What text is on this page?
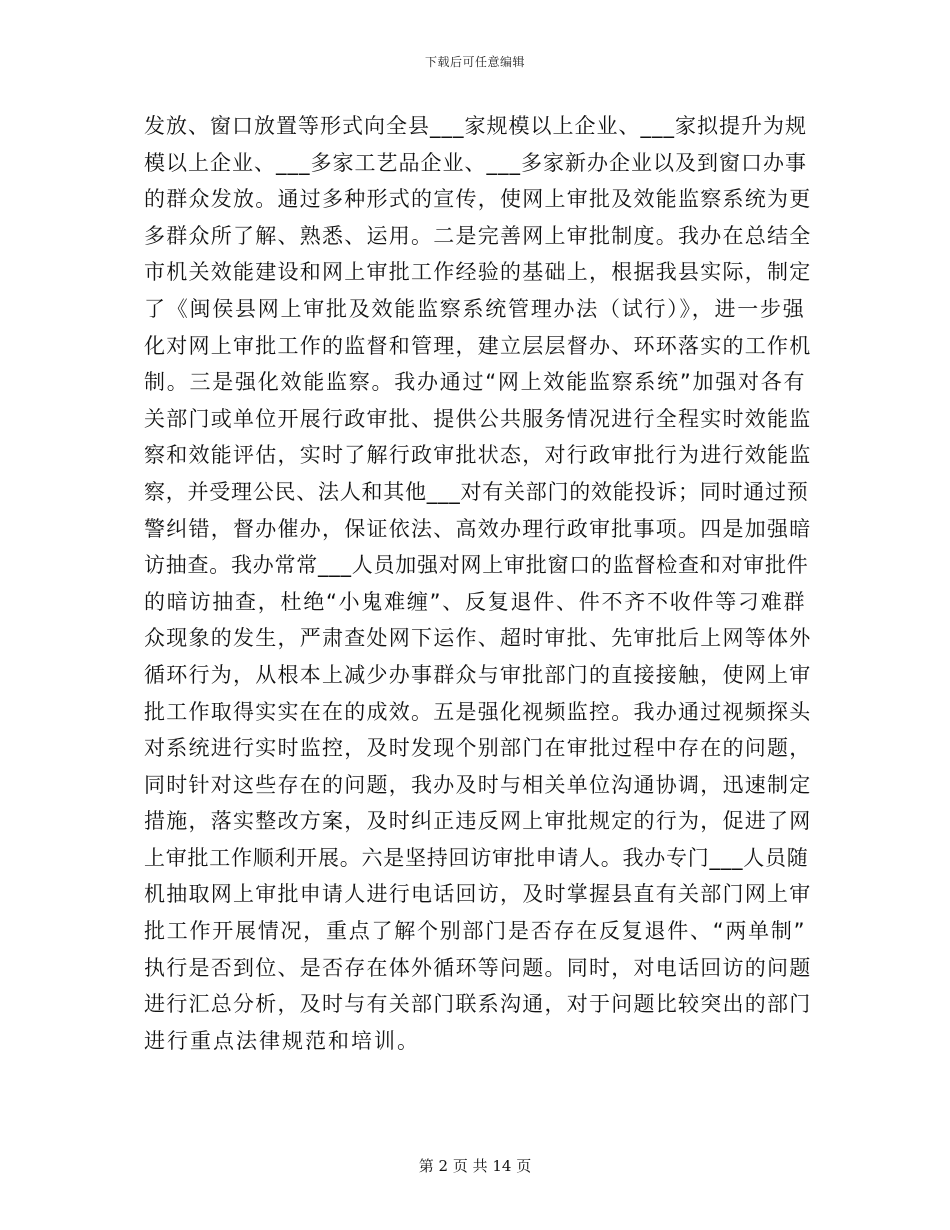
下载后可任意编辑
发放、窗口放置等形式向全县___家规模以上企业、___家拟提升为规
模以上企业、___多家工艺品企业、___多家新办企业以及到窗口办事
的群众发放。通过多种形式的宣传，使网上审批及效能监察系统为更
多群众所了解、熟悉、运用。二是完善网上审批制度。我办在总结全
市机关效能建设和网上审批工作经验的基础上，根据我县实际，制定
了《闽侯县网上审批及效能监察系统管理办法（试行）》，进一步强
化对网上审批工作的监督和管理，建立层层督办、环环落实的工作机
制。三是强化效能监察。我办通过“网上效能监察系统”加强对各有
关部门或单位开展行政审批、提供公共服务情况进行全程实时效能监
察和效能评估，实时了解行政审批状态，对行政审批行为进行效能监
察，并受理公民、法人和其他___对有关部门的效能投诉；同时通过预
警纠错，督办催办，保证依法、高效办理行政审批事项。四是加强暗
访抽查。我办常常___人员加强对网上审批窗口的监督检查和对审批件
的暗访抽查，杜绝“小鬼难缠”、反复退件、件不齐不收件等刁难群
众现象的发生，严肃查处网下运作、超时审批、先审批后上网等体外
循环行为，从根本上减少办事群众与审批部门的直接接触，使网上审
批工作取得实实在在的成效。五是强化视频监控。我办通过视频探头
对系统进行实时监控，及时发现个别部门在审批过程中存在的问题，
同时针对这些存在的问题，我办及时与相关单位沟通协调，迅速制定
措施，落实整改方案，及时纠正违反网上审批规定的行为，促进了网
上审批工作顺利开展。六是坚持回访审批申请人。我办专门___人员随
机抽取网上审批申请人进行电话回访，及时掌握县直有关部门网上审
批工作开展情况，重点了解个别部门是否存在反复退件、“两单制”
执行是否到位、是否存在体外循环等问题。同时，对电话回访的问题
进行汇总分析，及时与有关部门联系沟通，对于问题比较突出的部门
进行重点法律规范和培训。
第 2 页 共 14 页
